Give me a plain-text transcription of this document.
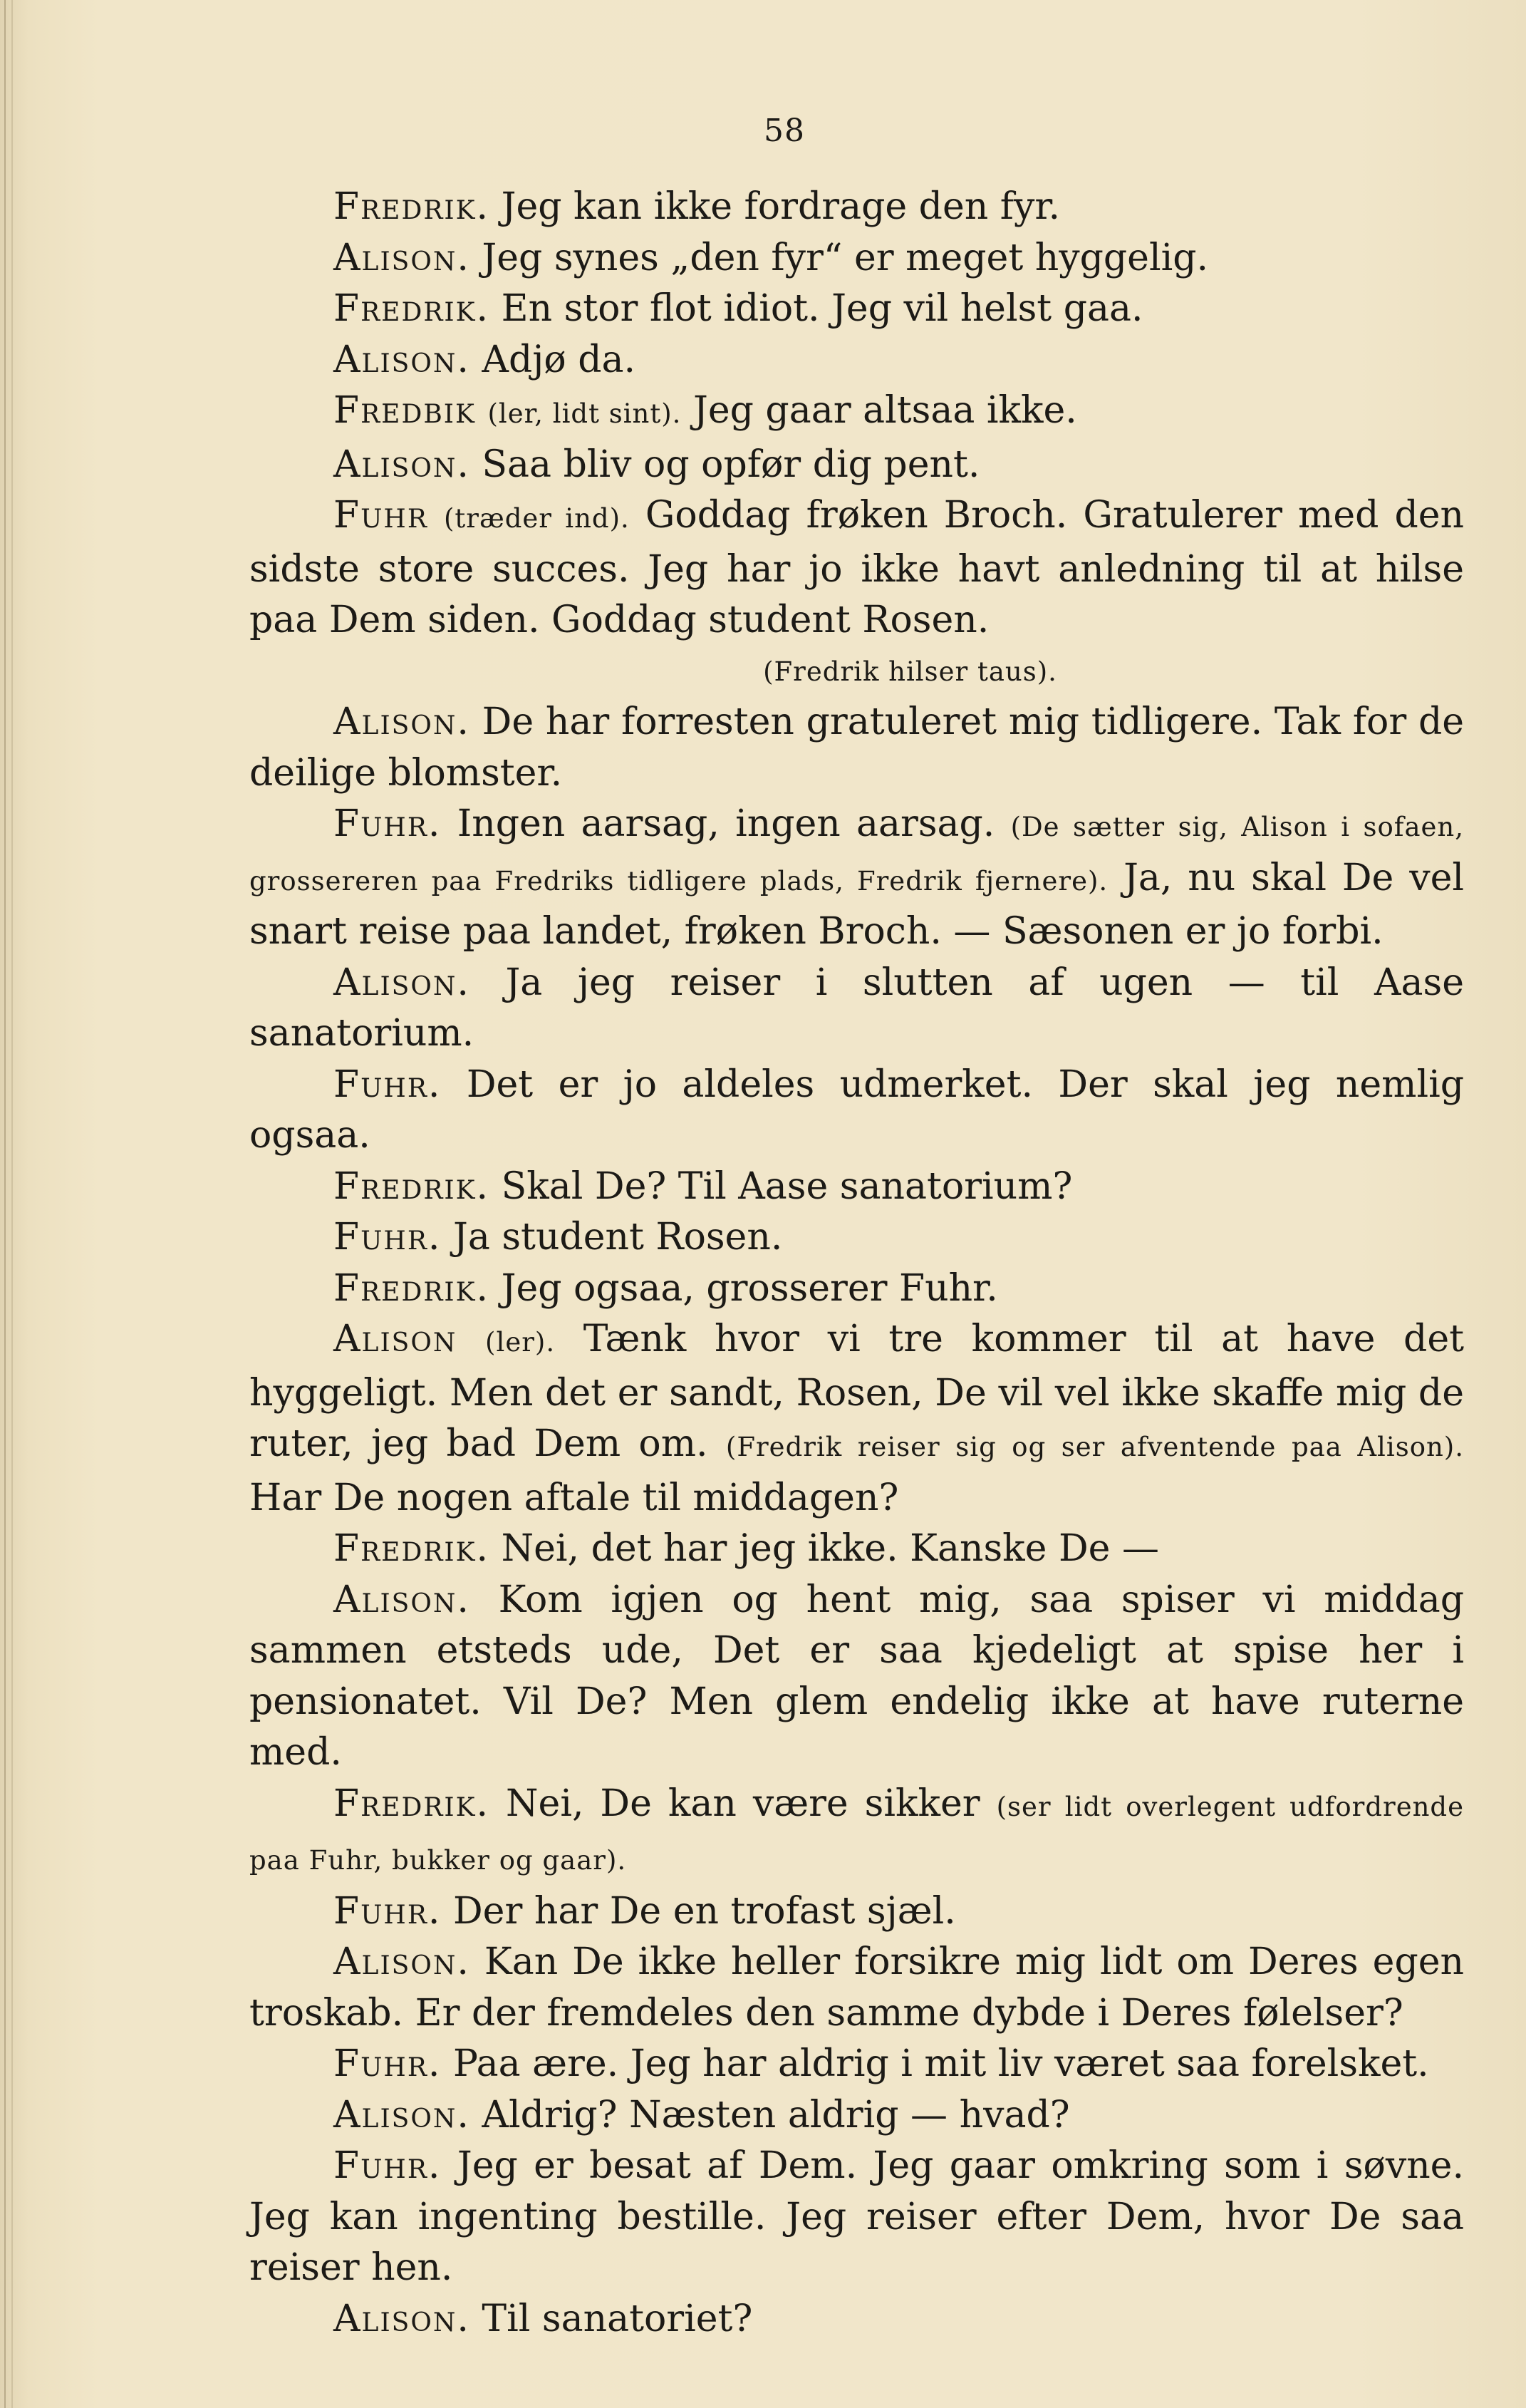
58

Fredrik. Jeg kan ikke fordrage den fyr.

Alison. Jeg synes „den fyr“ er meget hyggelig.

Fredrik. En stor flot idiot. Jeg vil helst gaa.

Alison. Adjø da.

Fredbik (ler, lidt sint). Jeg gaar altsaa ikke.

Alison. Saa bliv og opfør dig pent.

Fuhr (træder ind). Goddag frøken Broch. Gratulerer med den sidste store succes. Jeg har jo ikke havt anledning til at hilse paa Dem siden. Goddag student Rosen.

(Fredrik hilser taus).

Alison. De har forresten gratuleret mig tidligere. Tak for de deilige blomster.

Fuhr. Ingen aarsag, ingen aarsag. (De sætter sig, Alison i sofaen, grossereren paa Fredriks tidligere plads, Fredrik fjernere). Ja, nu skal De vel snart reise paa landet, frøken Broch. — Sæsonen er jo forbi.

Alison. Ja jeg reiser i slutten af ugen — til Aase sanatorium.

Fuhr. Det er jo aldeles udmerket. Der skal jeg nemlig ogsaa.

Fredrik. Skal De? Til Aase sanatorium?

Fuhr. Ja student Rosen.

Fredrik. Jeg ogsaa, grosserer Fuhr.

Alison (ler). Tænk hvor vi tre kommer til at have det hyggeligt. Men det er sandt, Rosen, De vil vel ikke skaffe mig de ruter, jeg bad Dem om. (Fredrik reiser sig og ser afventende paa Alison). Har De nogen aftale til middagen?

Fredrik. Nei, det har jeg ikke. Kanske De —

Alison. Kom igjen og hent mig, saa spiser vi middag sammen etsteds ude, Det er saa kjedeligt at spise her i pensionatet. Vil De? Men glem endelig ikke at have ruterne med.

Fredrik. Nei, De kan være sikker (ser lidt overlegent udfordrende paa Fuhr, bukker og gaar).

Fuhr. Der har De en trofast sjæl.

Alison. Kan De ikke heller forsikre mig lidt om Deres egen troskab. Er der fremdeles den samme dybde i Deres følelser?

Fuhr. Paa ære. Jeg har aldrig i mit liv været saa forelsket.

Alison. Aldrig? Næsten aldrig — hvad?

Fuhr. Jeg er besat af Dem. Jeg gaar omkring som i søvne. Jeg kan ingenting bestille. Jeg reiser efter Dem, hvor De saa reiser hen.

Alison. Til sanatoriet?
